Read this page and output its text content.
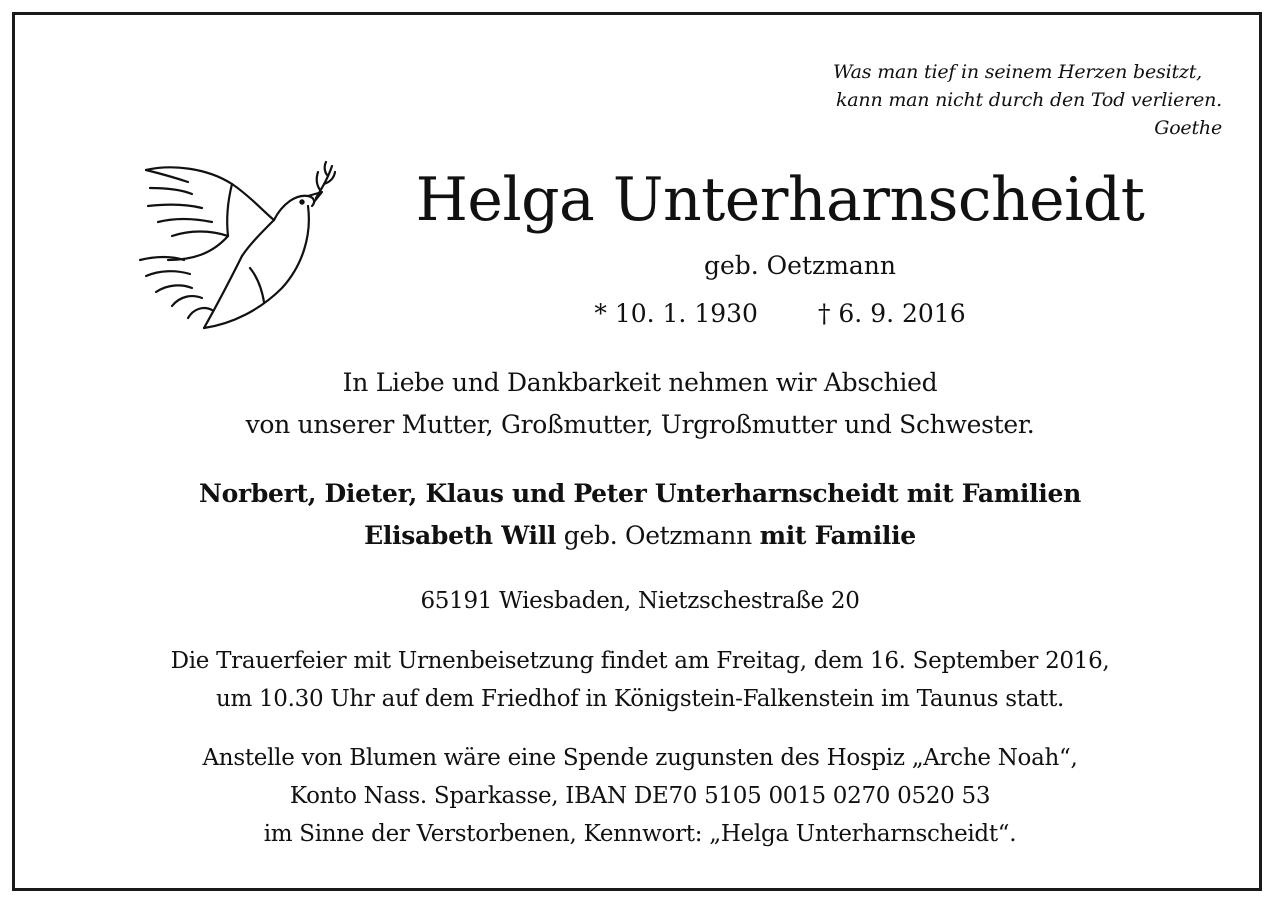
Was man tief in seinem Herzen besitzt,
kann man nicht durch den Tod verlieren.
Goethe
Helga Unterharnscheidt
geb. Oetzmann
* 10. 1. 1930 † 6. 9. 2016
In Liebe und Dankbarkeit nehmen wir Abschied
von unserer Mutter, Großmutter, Urgroßmutter und Schwester.
Norbert, Dieter, Klaus und Peter Unterharnscheidt mit Familien
Elisabeth Will geb. Oetzmann mit Familie
65191 Wiesbaden, Nietzschestraße 20
Die Trauerfeier mit Urnenbeisetzung findet am Freitag, dem 16. September 2016,
um 10.30 Uhr auf dem Friedhof in Königstein-Falkenstein im Taunus statt.
Anstelle von Blumen wäre eine Spende zugunsten des Hospiz „Arche Noah“,
Konto Nass. Sparkasse, IBAN DE70 5105 0015 0270 0520 53
im Sinne der Verstorbenen, Kennwort: „Helga Unterharnscheidt“.
